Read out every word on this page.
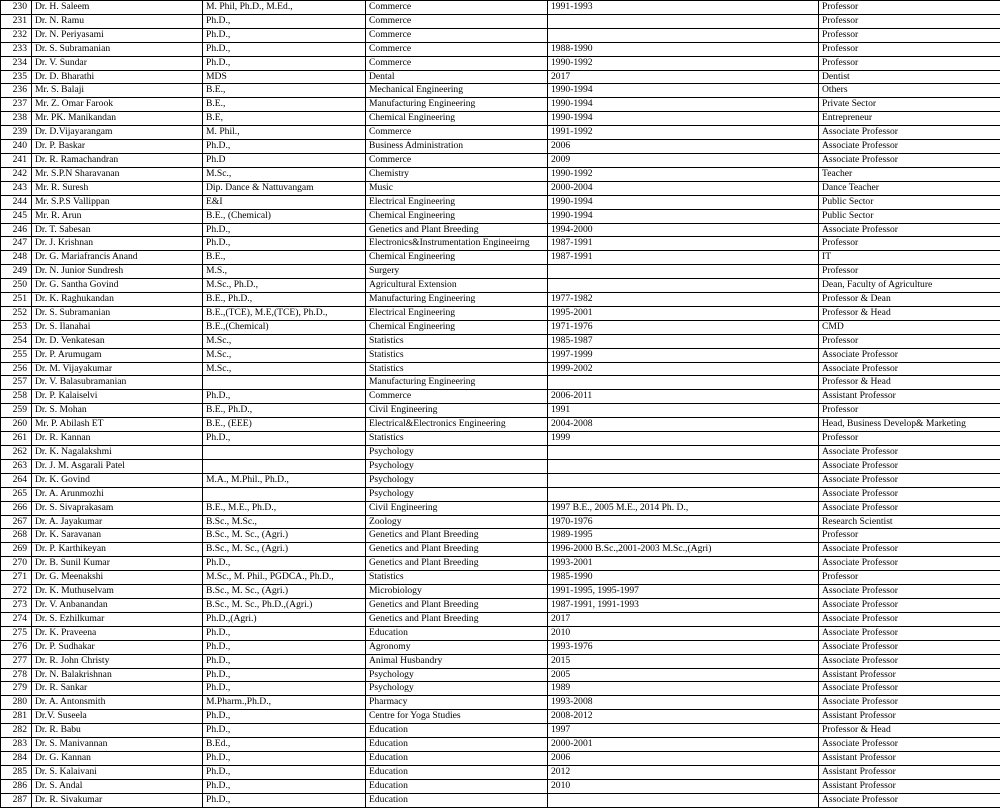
230	Dr. H. Saleem	M. Phil, Ph.D., M.Ed.,	Commerce	1991-1993	Professor
231	Dr. N. Ramu	Ph.D.,	Commerce		Professor
232	Dr. N. Periyasami	Ph.D.,	Commerce		Professor
233	Dr. S. Subramanian	Ph.D.,	Commerce	1988-1990	Professor
234	Dr. V. Sundar	Ph.D.,	Commerce	1990-1992	Professor
235	Dr. D. Bharathi	MDS	Dental	2017	Dentist
236	Mr. S. Balaji	B.E.,	Mechanical Engineering	1990-1994	Others
237	Mr. Z. Omar Farook	B.E.,	Manufacturing Engineering	1990-1994	Private Sector
238	Mr. PK. Manikandan	B.E,	Chemical Engineering	1990-1994	Entrepreneur
239	Dr. D.Vijayarangam	M. Phil.,	Commerce	1991-1992	Associate Professor
240	Dr. P. Baskar	Ph.D.,	Business Administration	2006	Associate Professor
241	Dr. R. Ramachandran	Ph.D	Commerce	2009	Associate Professor
242	Mr. S.P.N Sharavanan	M.Sc.,	Chemistry	1990-1992	Teacher
243	Mr. R. Suresh	Dip. Dance & Nattuvangam	Music	2000-2004	Dance Teacher
244	Mr. S.P.S Vallippan	E&I	Electrical Engineering	1990-1994	Public Sector
245	Mr. R. Arun	B.E., (Chemical)	Chemical Engineering	1990-1994	Public Sector
246	Dr. T. Sabesan	Ph.D.,	Genetics and Plant Breeding	1994-2000	Associate Professor
247	Dr. J. Krishnan	Ph.D.,	Electronics&Instrumentation Engineeirng	1987-1991	Professor
248	Dr. G. Mariafrancis Anand	B.E.,	Chemical Engineering	1987-1991	IT
249	Dr. N. Junior Sundresh	M.S.,	Surgery		Professor
250	Dr. G. Santha Govind	M.Sc., Ph.D.,	Agricultural Extension		Dean, Faculty of Agriculture
251	Dr. K. Raghukandan	B.E., Ph.D.,	Manufacturing Engineering	1977-1982	Professor & Dean
252	Dr. S. Subramanian	B.E.,(TCE), M.E,(TCE), Ph.D.,	Electrical Engineering	1995-2001	Professor & Head
253	Dr. S. Ilanahai	B.E.,(Chemical)	Chemical Engineering	1971-1976	CMD
254	Dr. D. Venkatesan	M.Sc.,	Statistics	1985-1987	Professor
255	Dr. P. Arumugam	M.Sc.,	Statistics	1997-1999	Associate Professor
256	Dr. M. Vijayakumar	M.Sc.,	Statistics	1999-2002	Associate Professor
257	Dr. V. Balasubramanian		Manufacturing Engineering		Professor & Head
258	Dr. P. Kalaiselvi	Ph.D.,	Commerce	2006-2011	Assistant Professor
259	Dr. S. Mohan	B.E., Ph.D.,	Civil Engineering	1991	Professor
260	Mr. P. Abilash ET	B.E., (EEE)	Electrical&Electronics Engineering	2004-2008	Head, Business Develop& Marketing
261	Dr. R. Kannan	Ph.D.,	Statistics	1999	Professor
262	Dr. K. Nagalakshmi		Psychology		Associate Professor
263	Dr. J. M. Asgarali Patel		Psychology		Associate Professor
264	Dr. K. Govind	M.A., M.Phil., Ph.D.,	Psychology		Associate Professor
265	Dr. A. Arunmozhi		Psychology		Associate Professor
266	Dr. S. Sivaprakasam	B.E., M.E., Ph.D.,	Civil Engineering	1997 B.E., 2005 M.E., 2014 Ph. D.,	Associate Professor
267	Dr. A. Jayakumar	B.Sc., M.Sc.,	Zoology	1970-1976	Research Scientist
268	Dr. K. Saravanan	B.Sc., M. Sc., (Agri.)	Genetics and Plant Breeding	1989-1995	Professor
269	Dr. P. Karthikeyan	B.Sc., M. Sc., (Agri.)	Genetics and Plant Breeding	1996-2000 B.Sc.,2001-2003 M.Sc.,(Agri)	Associate Professor
270	Dr. B. Sunil Kumar	Ph.D.,	Genetics and Plant Breeding	1993-2001	Associate Professor
271	Dr. G. Meenakshi	M.Sc., M. Phil., PGDCA., Ph.D.,	Statistics	1985-1990	Professor
272	Dr. K. Muthuselvam	B.Sc., M. Sc., (Agri.)	Microbiology	1991-1995, 1995-1997	Associate Professor
273	Dr. V. Anbanandan	B.Sc., M. Sc., Ph.D.,(Agri.)	Genetics and Plant Breeding	1987-1991, 1991-1993	Associate Professor
274	Dr. S. Ezhilkumar	Ph.D.,(Agri.)	Genetics and Plant Breeding	2017	Associate Professor
275	Dr. K. Praveena	Ph.D.,	Education	2010	Associate Professor
276	Dr. P. Sudhakar	Ph.D.,	Agronomy	1993-1976	Associate Professor
277	Dr. R. John Christy	Ph.D.,	Animal Husbandry	2015	Associate Professor
278	Dr. N. Balakrishnan	Ph.D.,	Psychology	2005	Assistant Professor
279	Dr. R. Sankar	Ph.D.,	Psychology	1989	Associate Professor
280	Dr. A. Antonsmith	M.Pharm.,Ph.D.,	Pharmacy	1993-2008	Associate Professor
281	Dr.V. Suseela	Ph.D.,	Centre for Yoga Studies	2008-2012	Assistant Professor
282	Dr. R. Babu	Ph.D.,	Education	1997	Professor & Head
283	Dr. S. Manivannan	B.Ed.,	Education	2000-2001	Associate Professor
284	Dr. G. Kannan	Ph.D.,	Education	2006	Assistant Professor
285	Dr. S. Kalaivani	Ph.D.,	Education	2012	Assistant Professor
286	Dr. S. Andal	Ph.D.,	Education	2010	Assistant Professor
287	Dr. R. Sivakumar	Ph.D.,	Education		Associate Professor
